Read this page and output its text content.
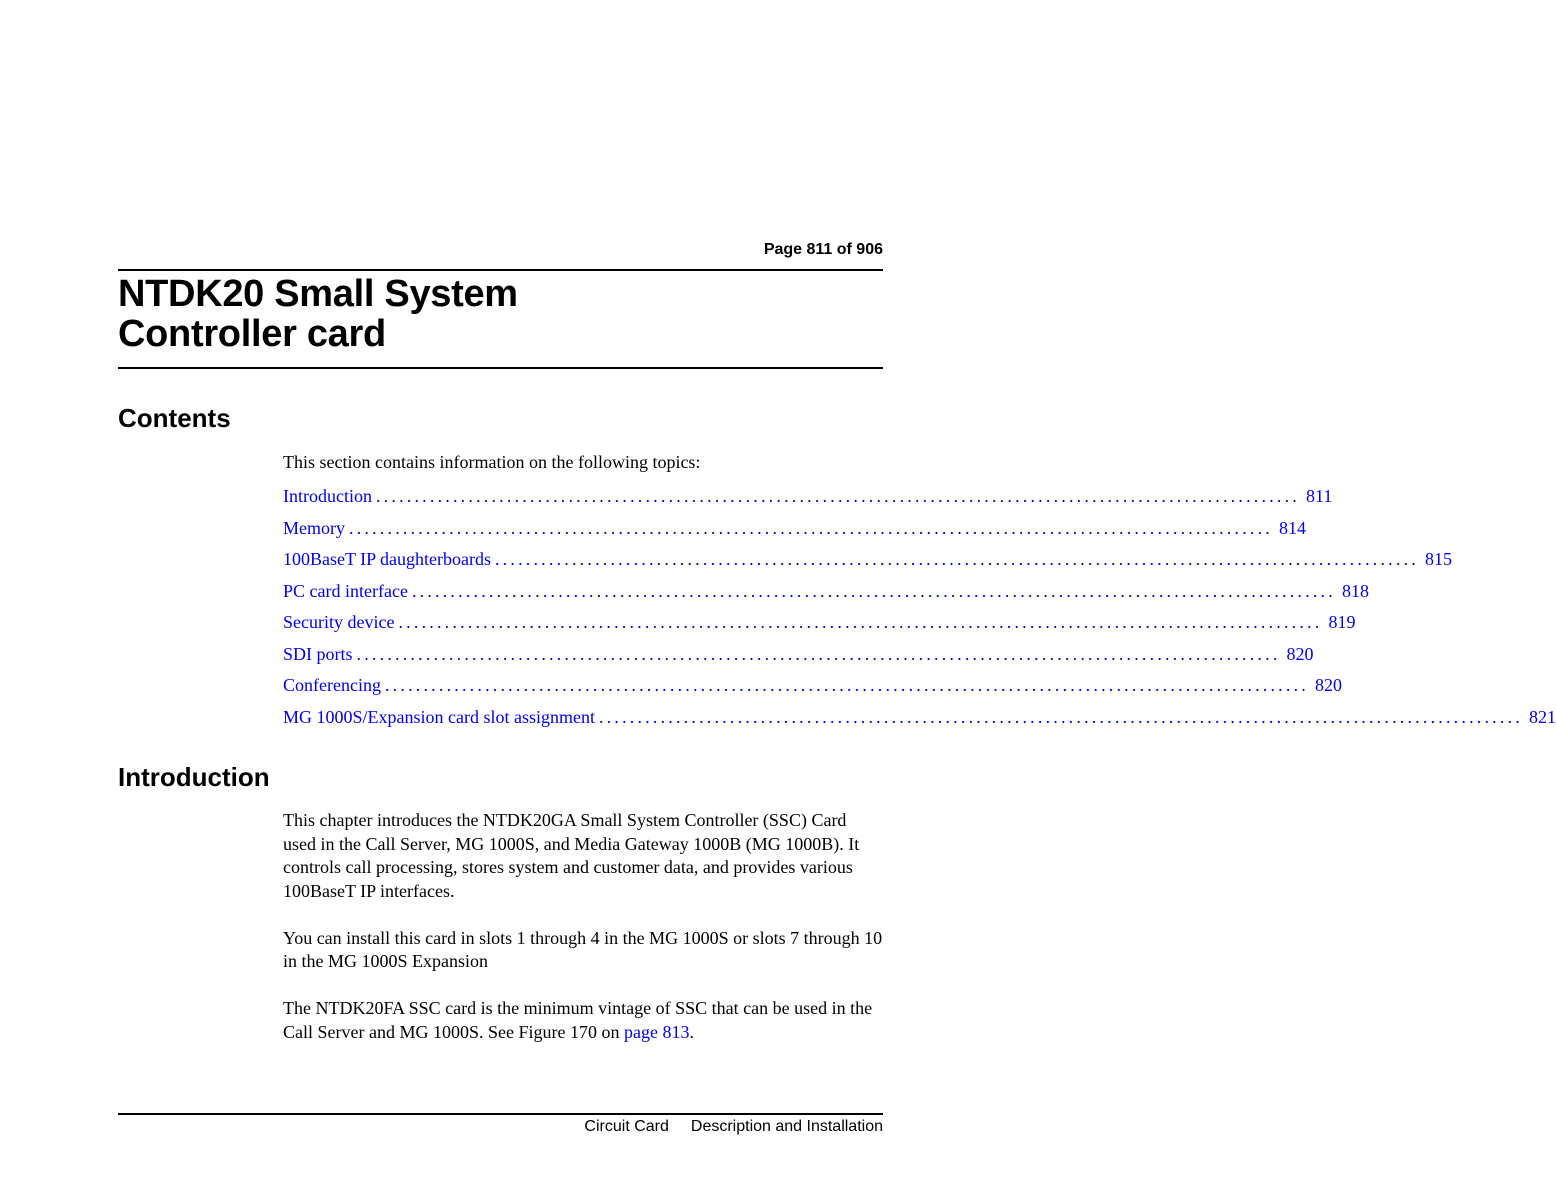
Page 811 of 906
NTDK20 Small System
Controller card
Contents

This section contains information on the following topics:

Introduction ........................................................................................................................ 811
Memory ........................................................................................................................ 814
100BaseT IP daughterboards ........................................................................................................................ 815
PC card interface ........................................................................................................................ 818
Security device ........................................................................................................................ 819
SDI ports ........................................................................................................................ 820
Conferencing ........................................................................................................................ 820
MG 1000S/Expansion card slot assignment ........................................................................................................................ 821
Introduction

This chapter introduces the NTDK20GA Small System Controller (SSC) Card used in the Call Server, MG 1000S, and Media Gateway 1000B (MG 1000B). It controls call processing, stores system and customer data, and provides various 100BaseT IP interfaces.

You can install this card in slots 1 through 4 in the MG 1000S or slots 7 through 10 in the MG 1000S Expansion

The NTDK20FA SSC card is the minimum vintage of SSC that can be used in the Call Server and MG 1000S. See Figure 170 on page 813.

Circuit Card Description and Installation
